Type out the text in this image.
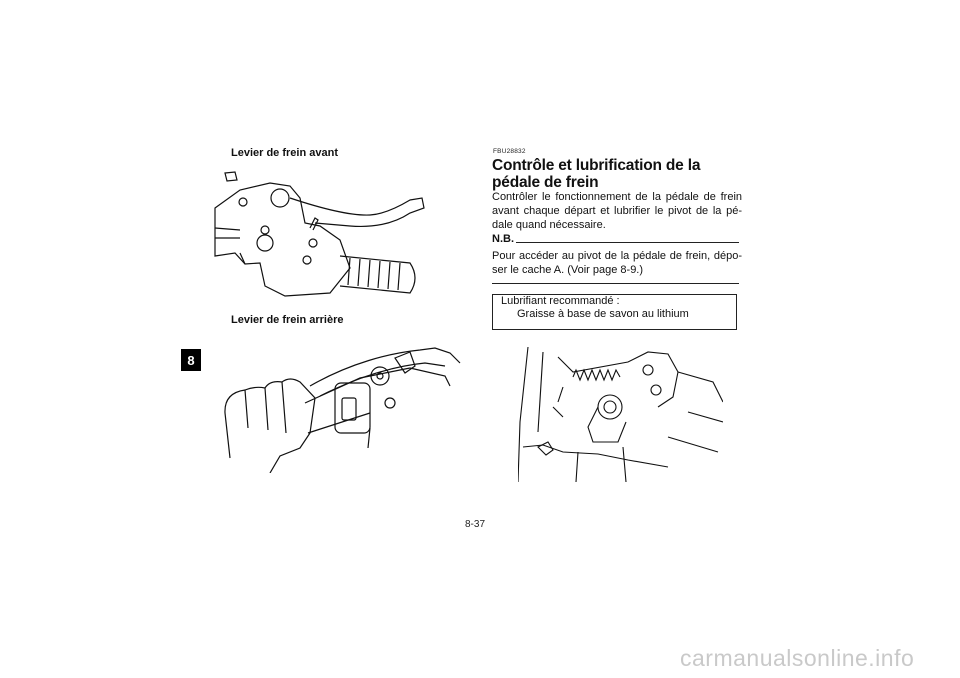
8
Levier de frein avant
Levier de frein arrière
FBU28832
Contrôle et lubrification de la pédale de frein
Contrôler le fonctionnement de la pédale de frein avant chaque départ et lubrifier le pivot de la pé-dale quand nécessaire.
N.B.
Pour accéder au pivot de la pédale de frein, dépo-ser le cache A. (Voir page 8-9.)
Lubrifiant recommandé :
Graisse à base de savon au lithium
8-37
carmanualsonline.info
